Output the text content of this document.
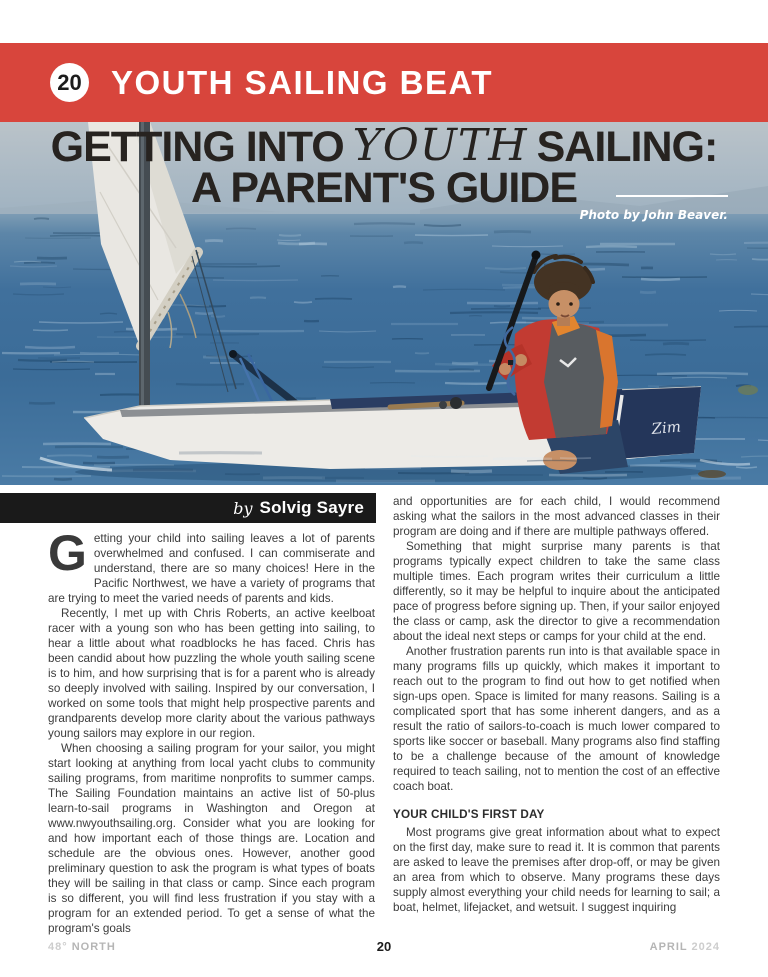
20 YOUTH SAILING BEAT
Zim
GETTING INTO YOUTH SAILING:
A PARENT'S GUIDE

Photo by John Beaver.
by Solvig Sayre

Getting your child into sailing leaves a lot of parents overwhelmed and confused. I can commiserate and understand, there are so many choices! Here in the Pacific Northwest, we have a variety of programs that are trying to meet the varied needs of parents and kids.

Recently, I met up with Chris Roberts, an active keelboat racer with a young son who has been getting into sailing, to hear a little about what roadblocks he has faced. Chris has been candid about how puzzling the whole youth sailing scene is to him, and how surprising that is for a parent who is already so deeply involved with sailing. Inspired by our conversation, I worked on some tools that might help prospective parents and grandparents develop more clarity about the various pathways young sailors may explore in our region.

When choosing a sailing program for your sailor, you might start looking at anything from local yacht clubs to community sailing programs, from maritime nonprofits to summer camps. The Sailing Foundation maintains an active list of 50-plus learn-to-sail programs in Washington and Oregon at www.nwyouthsailing.org. Consider what you are looking for and how important each of those things are. Location and schedule are the obvious ones. However, another good preliminary question to ask the program is what types of boats they will be sailing in that class or camp. Since each program is so different, you will find less frustration if you stay with a program for an extended period. To get a sense of what the program's goals

and opportunities are for each child, I would recommend asking what the sailors in the most advanced classes in their program are doing and if there are multiple pathways offered.

Something that might surprise many parents is that programs typically expect children to take the same class multiple times. Each program writes their curriculum a little differently, so it may be helpful to inquire about the anticipated pace of progress before signing up. Then, if your sailor enjoyed the class or camp, ask the director to give a recommendation about the ideal next steps or camps for your child at the end.

Another frustration parents run into is that available space in many programs fills up quickly, which makes it important to reach out to the program to find out how to get notified when sign-ups open. Space is limited for many reasons. Sailing is a complicated sport that has some inherent dangers, and as a result the ratio of sailors-to-coach is much lower compared to sports like soccer or baseball. Many programs also find staffing to be a challenge because of the amount of knowledge required to teach sailing, not to mention the cost of an effective coach boat.

YOUR CHILD'S FIRST DAY

Most programs give great information about what to expect on the first day, make sure to read it. It is common that parents are asked to leave the premises after drop-off, or may be given an area from which to observe. Many programs these days supply almost everything your child needs for learning to sail; a boat, helmet, lifejacket, and wetsuit. I suggest inquiring

48° NORTH	20	APRIL 2024
